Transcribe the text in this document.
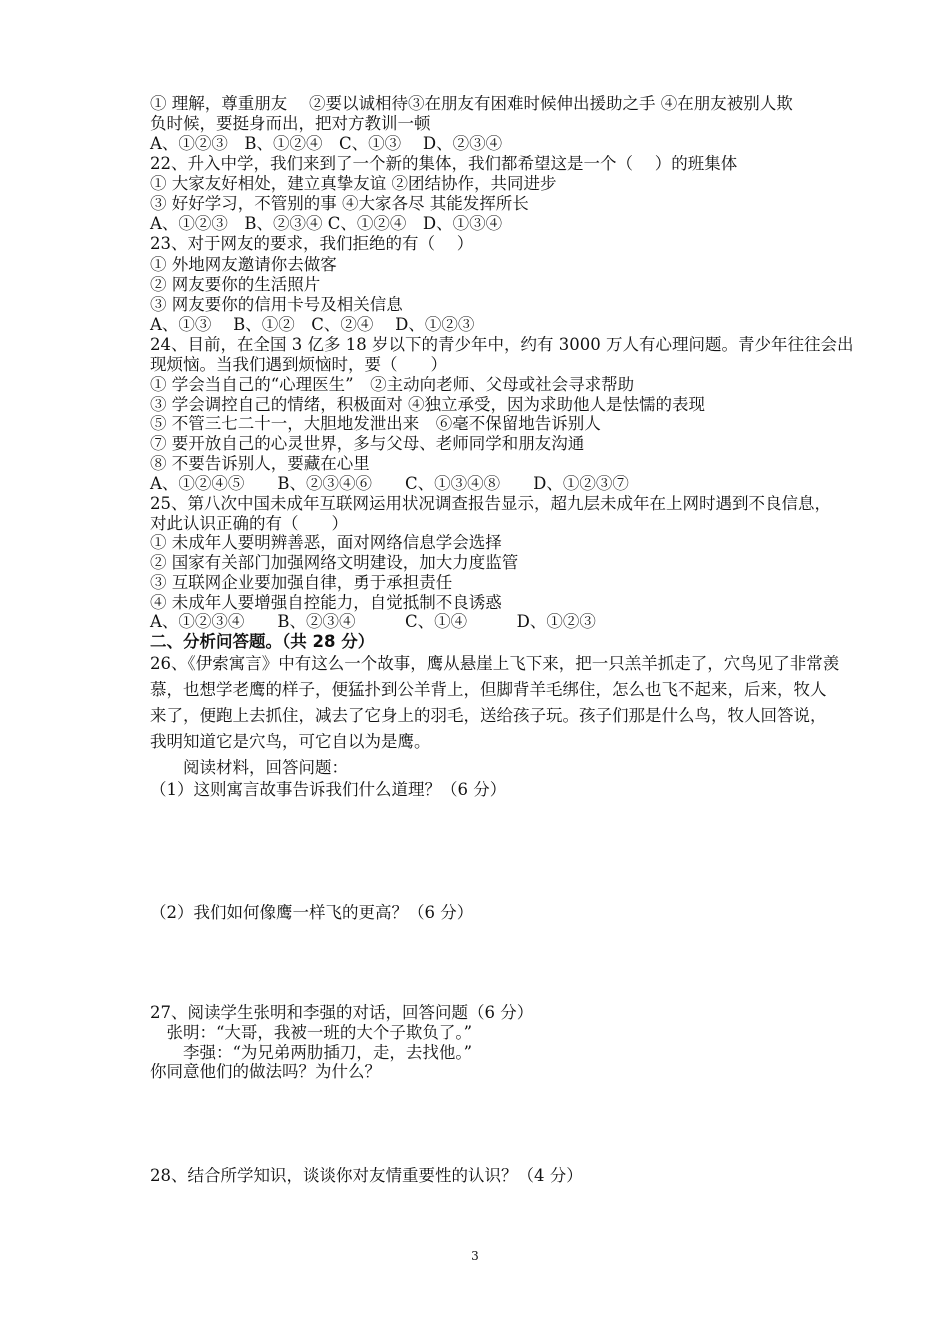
① 理解，尊重朋友　 ②要以诚相待③在朋友有困难时候伸出援助之手 ④在朋友被别人欺
负时候，要挺身而出，把对方教训一顿
A、①②③　B、①②④　C、①③　 D、②③④
22、升入中学，我们来到了一个新的集体，我们都希望这是一个（　 ）的班集体
① 大家友好相处，建立真挚友谊 ②团结协作，共同进步
③ 好好学习，不管别的事 ④大家各尽 其能发挥所长
A、①②③　B、②③④ C、①②④　D、①③④
23、对于网友的要求，我们拒绝的有（　 ）
① 外地网友邀请你去做客
② 网友要你的生活照片
③ 网友要你的信用卡号及相关信息
A、①③　 B、①②　C、②④　 D、①②③
24、目前，在全国 3 亿多 18 岁以下的青少年中，约有 3000 万人有心理问题。青少年往往会出
现烦恼。当我们遇到烦恼时，要（　　）
① 学会当自己的“心理医生”　②主动向老师、父母或社会寻求帮助
③ 学会调控自己的情绪，积极面对 ④独立承受，因为求助他人是怯懦的表现
⑤ 不管三七二十一，大胆地发泄出来　⑥毫不保留地告诉别人
⑦ 要开放自己的心灵世界，多与父母、老师同学和朋友沟通
⑧ 不要告诉别人，要藏在心里
A、①②④⑤　　B、②③④⑥　　C、①③④⑧　　D、①②③⑦
25、第八次中国未成年互联网运用状况调查报告显示，超九层未成年在上网时遇到不良信息，
对此认识正确的有（　　）
① 未成年人要明辨善恶，面对网络信息学会选择
② 国家有关部门加强网络文明建设，加大力度监管
③ 互联网企业要加强自律，勇于承担责任
④ 未成年人要增强自控能力，自觉抵制不良诱惑
A、①②③④　　B、②③④　　　C、①④　　　D、①②③
二、分析问答题。（共 28 分）
26、《伊索寓言》中有这么一个故事，鹰从悬崖上飞下来，把一只羔羊抓走了，穴鸟见了非常羡
慕，也想学老鹰的样子，便猛扑到公羊背上，但脚背羊毛绑住，怎么也飞不起来，后来，牧人
来了，便跑上去抓住，减去了它身上的羽毛，送给孩子玩。孩子们那是什么鸟，牧人回答说，
我明知道它是穴鸟，可它自以为是鹰。
　　阅读材料，回答问题：
（1）这则寓言故事告诉我们什么道理？（6 分）
（2）我们如何像鹰一样飞的更高？（6 分）
27、阅读学生张明和李强的对话，回答问题（6 分）
　张明：“大哥，我被一班的大个子欺负了。”
　　李强：“为兄弟两肋插刀，走，去找他。”
你同意他们的做法吗？为什么？
28、结合所学知识，谈谈你对友情重要性的认识？（4 分）
3
